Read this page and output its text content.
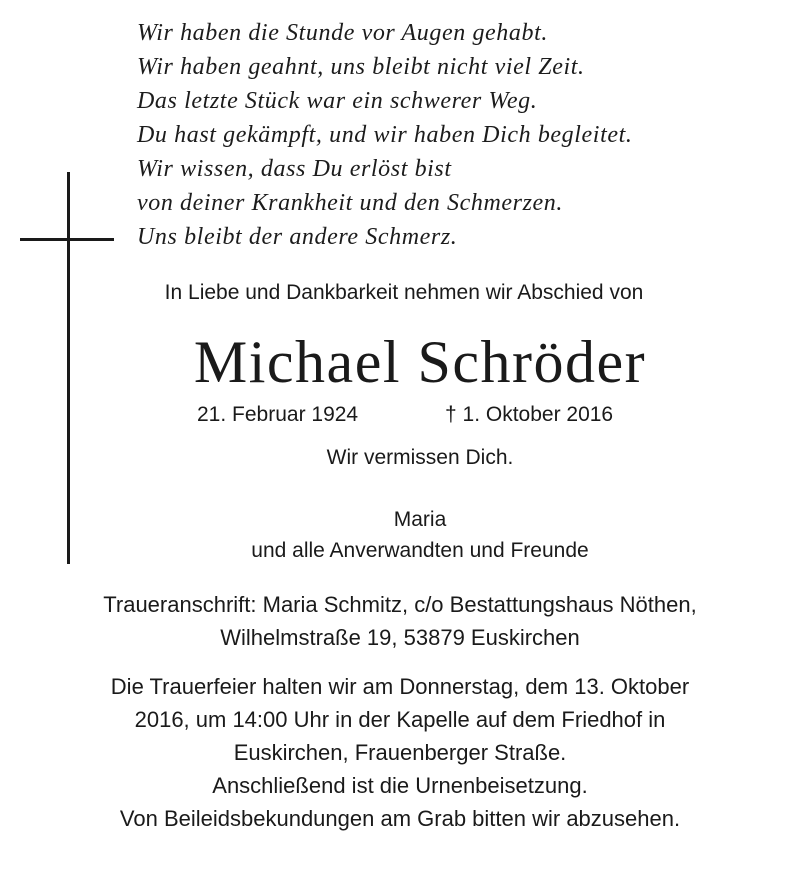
Wir haben die Stunde vor Augen gehabt.
Wir haben geahnt, uns bleibt nicht viel Zeit.
Das letzte Stück war ein schwerer Weg.
Du hast gekämpft, und wir haben Dich begleitet.
Wir wissen, dass Du erlöst bist
von deiner Krankheit und den Schmerzen.
Uns bleibt der andere Schmerz.
In Liebe und Dankbarkeit nehmen wir Abschied von
Michael Schröder
21. Februar 1924	† 1. Oktober 2016
Wir vermissen Dich.
Maria
und alle Anverwandten und Freunde
Traueranschrift: Maria Schmitz, c/o Bestattungshaus Nöthen,
Wilhelmstraße 19, 53879 Euskirchen
Die Trauerfeier halten wir am Donnerstag, dem 13. Oktober
2016, um 14:00 Uhr in der Kapelle auf dem Friedhof in
Euskirchen, Frauenberger Straße.
Anschließend ist die Urnenbeisetzung.
Von Beileidsbekundungen am Grab bitten wir abzusehen.
